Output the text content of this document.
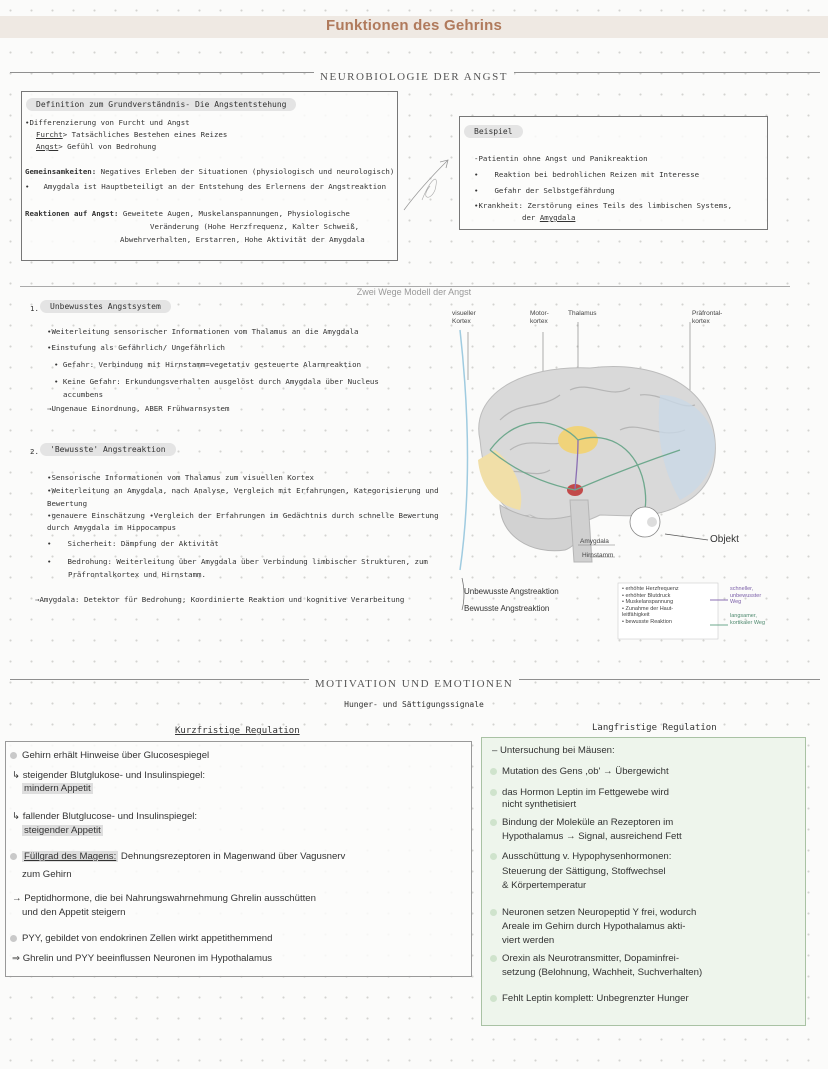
Funktionen des Gehrins
NEUROBIOLOGIE DER ANGST
Definition zum Grundverständnis- Die Angstentstehung
•Differenzierung von Furcht und Angst
Furcht> Tatsächliches Bestehen eines Reizes
Angst> Gefühl von Bedrohung
Gemeinsamkeiten: Negatives Erleben der Situationen (physiologisch und neurologisch)
• Amygdala ist Hauptbeteiligt an der Entstehung des Erlernens der Angstreaktion
Reaktionen auf Angst: Geweitete Augen, Muskelanspannungen, Physiologische
Veränderung (Hohe Herzfrequenz, Kalter Schweiß,
Abwehrverhalten, Erstarren, Hohe Aktivität der Amygdala
Beispiel
-Patientin ohne Angst und Panikreaktion
• Reaktion bei bedrohlichen Reizen mit Interesse
• Gefahr der Selbstgefährdung
•Krankheit: Zerstörung eines Teils des limbischen Systems,
der Amygdala
Zwei Wege Modell der Angst
1.	Unbewusstes Angstsystem
•Weiterleitung sensorischer Informationen vom Thalamus an die Amygdala
•Einstufung als Gefährlich/ Ungefährlich
• Gefahr: Verbindung mit Hirnstamm=vegetativ gesteuerte Alarmreaktion
• Keine Gefahr: Erkundungsverhalten ausgelöst durch Amygdala über Nucleus
accumbens
⇒Ungenaue Einordnung, ABER Frühwarnsystem
2.	'Bewusste' Angstreaktion
•Sensorische Informationen vom Thalamus zum visuellen Kortex
•Weiterleitung an Amygdala, nach Analyse, Vergleich mit Erfahrungen, Kategorisierung und
Bewertung
•genauere Einschätzung •Vergleich der Erfahrungen im Gedächtnis durch schnelle Bewertung
durch Amygdala im Hippocampus
• Sicherheit: Dämpfung der Aktivität
• Bedrohung: Weiterleitung über Amygdala über Verbindung limbischer Strukturen, zum
Präfrontalkortex und Hirnstamm.
⇒Amygdala: Detektor für Bedrohung; Koordinierte Reaktion und kognitive Verarbeitung
visueller
Kortex
Motor-
kortex
Thalamus	Präfrontal-
kortex
Amygdala
Hirnstamm
Objekt
Unbewusste Angstreaktion
Bewusste Angstreaktion
• erhöhte Herzfrequenz
• erhöhter Blutdruck
• Muskelanspannung
• Zunahme der Haut-
leitfähigkeit
• bewusste Reaktion
schneller,
unbewusster
Weg
langsamer,
kortikaler Weg
MOTIVATION UND EMOTIONEN
Hunger- und Sättigungssignale
Kurzfristige Regulation
Gehirn erhält Hinweise über Glucosespiegel
↳ steigender Blutglukose- und Insulinspiegel:
mindern Appetit
↳ fallender Blutglucose- und Insulinspiegel:
steigender Appetit
Füllgrad des Magens: Dehnungsrezeptoren in Magenwand über Vagusnerv
zum Gehirn
→ Peptidhormone, die bei Nahrungswahrnehmung Ghrelin ausschütten
und den Appetit steigern
PYY, gebildet von endokrinen Zellen wirkt appetithemmend
⇒ Ghrelin und PYY beeinflussen Neuronen im Hypothalamus
Langfristige Regulation
– Untersuchung bei Mäusen:
Mutation des Gens ,ob' → Übergewicht
das Hormon Leptin im Fettgewebe wird
nicht synthetisiert
Bindung der Moleküle an Rezeptoren im
Hypothalamus → Signal, ausreichend Fett
Ausschüttung v. Hypophysenhormonen:
Steuerung der Sättigung, Stoffwechsel
& Körpertemperatur
Neuronen setzen Neuropeptid Y frei, wodurch
Areale im Gehirn durch Hypothalamus akti-
viert werden
Orexin als Neurotransmitter, Dopaminfrei-
setzung (Belohnung, Wachheit, Suchverhalten)
Fehlt Leptin komplett: Unbegrenzter Hunger
